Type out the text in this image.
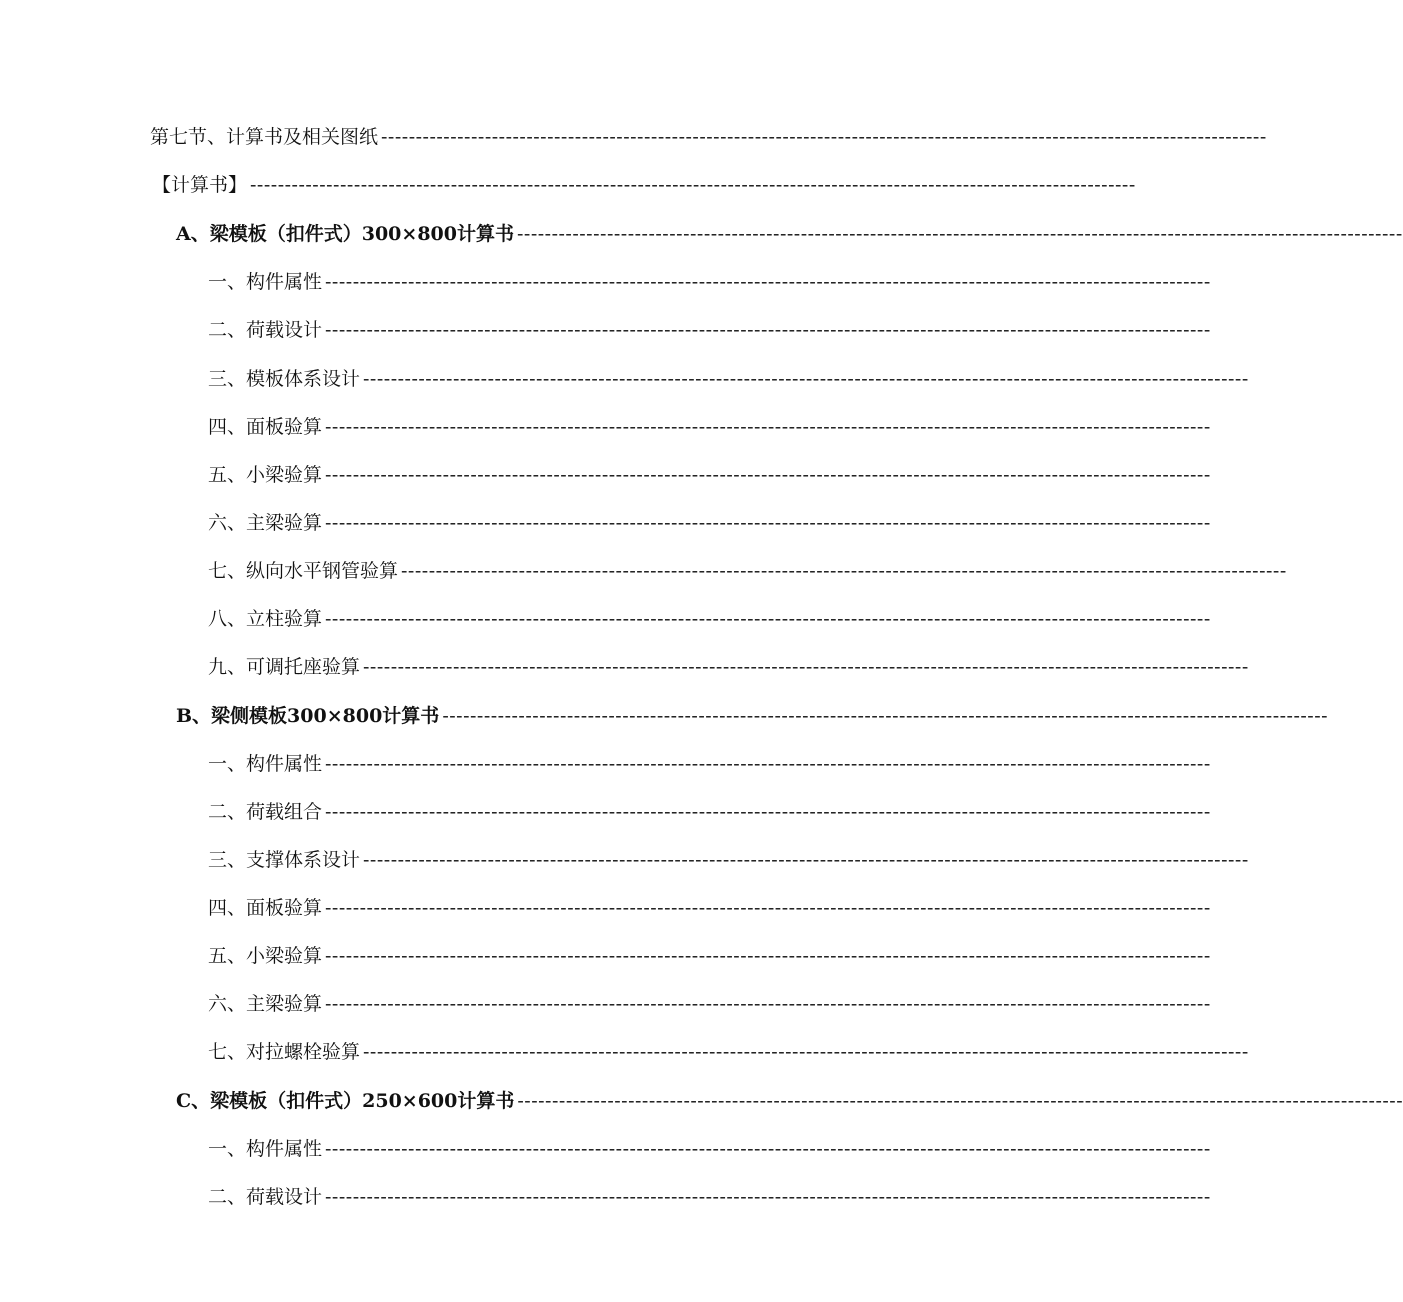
第七节、计算书及相关图纸 --------------------------------------------------------------------------------------------------------------------------------
【计算书】 --------------------------------------------------------------------------------------------------------------------------------
A、梁模板（扣件式）300×800计算书 --------------------------------------------------------------------------------------------------------------------------------
一、构件属性 --------------------------------------------------------------------------------------------------------------------------------
二、荷载设计 --------------------------------------------------------------------------------------------------------------------------------
三、模板体系设计 --------------------------------------------------------------------------------------------------------------------------------
四、面板验算 --------------------------------------------------------------------------------------------------------------------------------
五、小梁验算 --------------------------------------------------------------------------------------------------------------------------------
六、主梁验算 --------------------------------------------------------------------------------------------------------------------------------
七、纵向水平钢管验算 --------------------------------------------------------------------------------------------------------------------------------
八、立柱验算 --------------------------------------------------------------------------------------------------------------------------------
九、可调托座验算 --------------------------------------------------------------------------------------------------------------------------------
B、梁侧模板300×800计算书 --------------------------------------------------------------------------------------------------------------------------------
一、构件属性 --------------------------------------------------------------------------------------------------------------------------------
二、荷载组合 --------------------------------------------------------------------------------------------------------------------------------
三、支撑体系设计 --------------------------------------------------------------------------------------------------------------------------------
四、面板验算 --------------------------------------------------------------------------------------------------------------------------------
五、小梁验算 --------------------------------------------------------------------------------------------------------------------------------
六、主梁验算 --------------------------------------------------------------------------------------------------------------------------------
七、对拉螺栓验算 --------------------------------------------------------------------------------------------------------------------------------
C、梁模板（扣件式）250×600计算书 --------------------------------------------------------------------------------------------------------------------------------
一、构件属性 --------------------------------------------------------------------------------------------------------------------------------
二、荷载设计 --------------------------------------------------------------------------------------------------------------------------------
